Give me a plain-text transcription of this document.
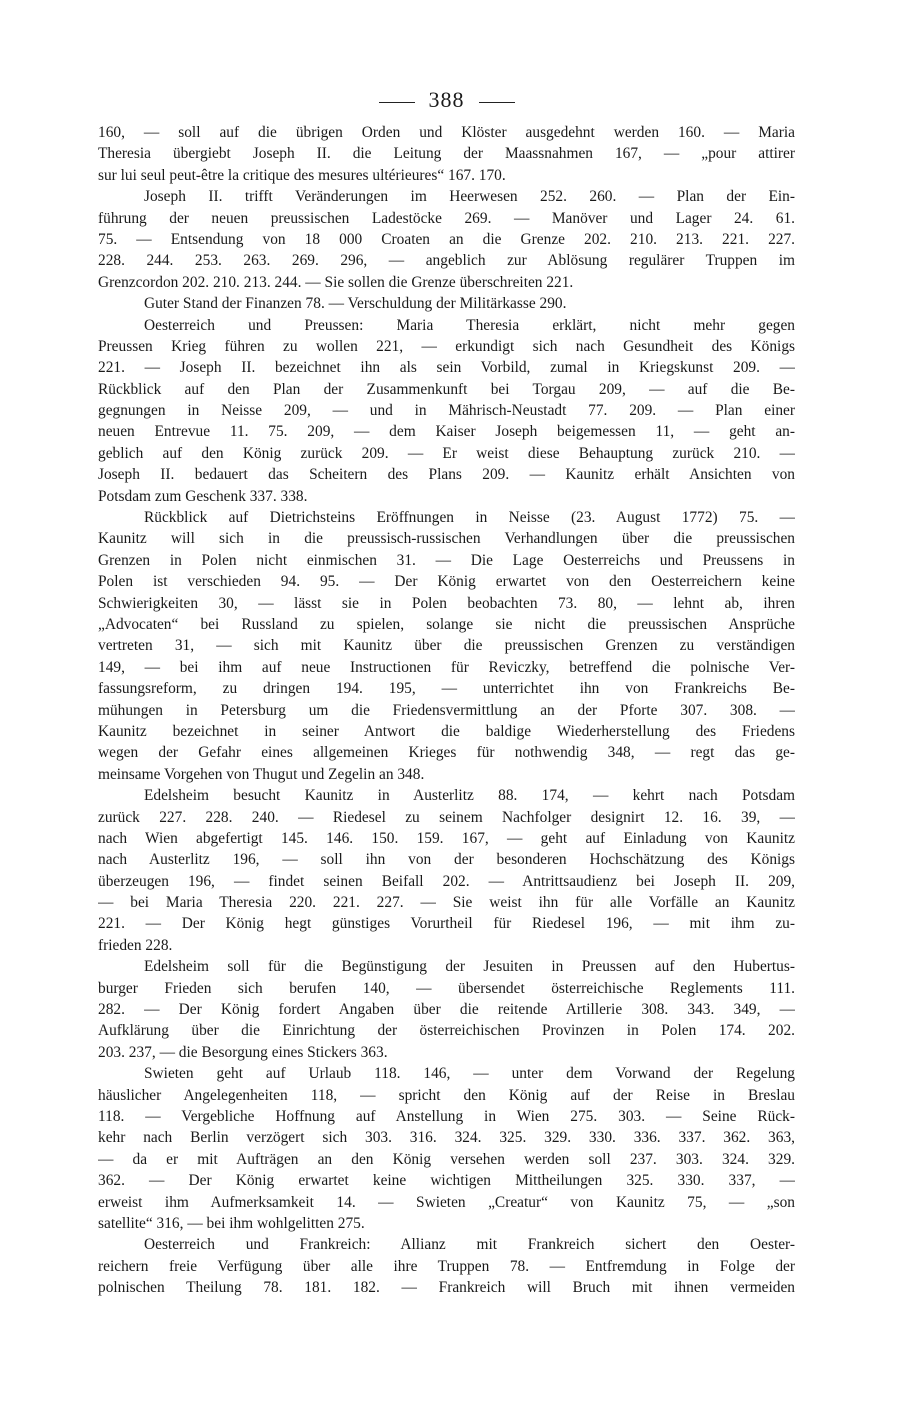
388
160, — soll auf die übrigen Orden und Klöster ausgedehnt werden 160. — Maria
Theresia übergiebt Joseph II. die Leitung der Maassnahmen 167, — „pour attirer
sur lui seul peut-être la critique des mesures ultérieures“ 167. 170.
Joseph II. trifft Veränderungen im Heerwesen 252. 260. — Plan der Ein-
führung der neuen preussischen Ladestöcke 269. — Manöver und Lager 24. 61.
75. — Entsendung von 18 000 Croaten an die Grenze 202. 210. 213. 221. 227.
228. 244. 253. 263. 269. 296, — angeblich zur Ablösung regulärer Truppen im
Grenzcordon 202. 210. 213. 244. — Sie sollen die Grenze überschreiten 221.
Guter Stand der Finanzen 78. — Verschuldung der Militärkasse 290.
Oesterreich und Preussen: Maria Theresia erklärt, nicht mehr gegen
Preussen Krieg führen zu wollen 221, — erkundigt sich nach Gesundheit des Königs
221. — Joseph II. bezeichnet ihn als sein Vorbild, zumal in Kriegskunst 209. —
Rückblick auf den Plan der Zusammenkunft bei Torgau 209, — auf die Be-
gegnungen in Neisse 209, — und in Mährisch-Neustadt 77. 209. — Plan einer
neuen Entrevue 11. 75. 209, — dem Kaiser Joseph beigemessen 11, — geht an-
geblich auf den König zurück 209. — Er weist diese Behauptung zurück 210. —
Joseph II. bedauert das Scheitern des Plans 209. — Kaunitz erhält Ansichten von
Potsdam zum Geschenk 337. 338.
Rückblick auf Dietrichsteins Eröffnungen in Neisse (23. August 1772) 75. —
Kaunitz will sich in die preussisch-russischen Verhandlungen über die preussischen
Grenzen in Polen nicht einmischen 31. — Die Lage Oesterreichs und Preussens in
Polen ist verschieden 94. 95. — Der König erwartet von den Oesterreichern keine
Schwierigkeiten 30, — lässt sie in Polen beobachten 73. 80, — lehnt ab, ihren
„Advocaten“ bei Russland zu spielen, solange sie nicht die preussischen Ansprüche
vertreten 31, — sich mit Kaunitz über die preussischen Grenzen zu verständigen
149, — bei ihm auf neue Instructionen für Reviczky, betreffend die polnische Ver-
fassungsreform, zu dringen 194. 195, — unterrichtet ihn von Frankreichs Be-
mühungen in Petersburg um die Friedensvermittlung an der Pforte 307. 308. —
Kaunitz bezeichnet in seiner Antwort die baldige Wiederherstellung des Friedens
wegen der Gefahr eines allgemeinen Krieges für nothwendig 348, — regt das ge-
meinsame Vorgehen von Thugut und Zegelin an 348.
Edelsheim besucht Kaunitz in Austerlitz 88. 174, — kehrt nach Potsdam
zurück 227. 228. 240. — Riedesel zu seinem Nachfolger designirt 12. 16. 39, —
nach Wien abgefertigt 145. 146. 150. 159. 167, — geht auf Einladung von Kaunitz
nach Austerlitz 196, — soll ihn von der besonderen Hochschätzung des Königs
überzeugen 196, — findet seinen Beifall 202. — Antrittsaudienz bei Joseph II. 209,
— bei Maria Theresia 220. 221. 227. — Sie weist ihn für alle Vorfälle an Kaunitz
221. — Der König hegt günstiges Vorurtheil für Riedesel 196, — mit ihm zu-
frieden 228.
Edelsheim soll für die Begünstigung der Jesuiten in Preussen auf den Hubertus-
burger Frieden sich berufen 140, — übersendet österreichische Reglements 111.
282. — Der König fordert Angaben über die reitende Artillerie 308. 343. 349, —
Aufklärung über die Einrichtung der österreichischen Provinzen in Polen 174. 202.
203. 237, — die Besorgung eines Stickers 363.
Swieten geht auf Urlaub 118. 146, — unter dem Vorwand der Regelung
häuslicher Angelegenheiten 118, — spricht den König auf der Reise in Breslau
118. — Vergebliche Hoffnung auf Anstellung in Wien 275. 303. — Seine Rück-
kehr nach Berlin verzögert sich 303. 316. 324. 325. 329. 330. 336. 337. 362. 363,
— da er mit Aufträgen an den König versehen werden soll 237. 303. 324. 329.
362. — Der König erwartet keine wichtigen Mittheilungen 325. 330. 337, —
erweist ihm Aufmerksamkeit 14. — Swieten „Creatur“ von Kaunitz 75, — „son
satellite“ 316, — bei ihm wohlgelitten 275.
Oesterreich und Frankreich: Allianz mit Frankreich sichert den Oester-
reichern freie Verfügung über alle ihre Truppen 78. — Entfremdung in Folge der
polnischen Theilung 78. 181. 182. — Frankreich will Bruch mit ihnen vermeiden
